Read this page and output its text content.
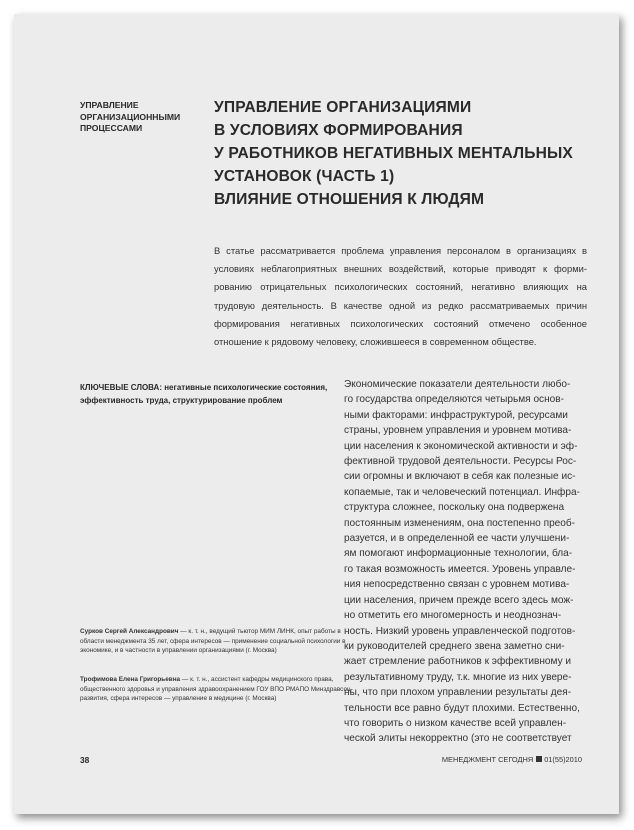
УПРАВЛЕНИЕ
ОРГАНИЗАЦИОННЫМИ
ПРОЦЕССАМИ
УПРАВЛЕНИЕ ОРГАНИЗАЦИЯМИ
В УСЛОВИЯХ ФОРМИРОВАНИЯ
У РАБОТНИКОВ НЕГАТИВНЫХ МЕНТАЛЬНЫХ
УСТАНОВОК (ЧАСТЬ 1)
ВЛИЯНИЕ ОТНОШЕНИЯ К ЛЮДЯМ
В статье рассматривается проблема управления персоналом в организациях в
условиях неблагоприятных внешних воздействий, которые приводят к форми-
рованию отрицательных психологических состояний, негативно влияющих на
трудовую деятельность. В качестве одной из редко рассматриваемых причин
формирования негативных психологических состояний отмечено особенное
отношение к рядовому человеку, сложившееся в современном обществе.
КЛЮЧЕВЫЕ СЛОВА: негативные психологические состояния,
эффективность труда, структурирование проблем
Экономические показатели деятельности любо-
го государства определяются четырьмя основ-
ными факторами: инфраструктурой, ресурсами
страны, уровнем управления и уровнем мотива-
ции населения к экономической активности и эф-
фективной трудовой деятельности. Ресурсы Рос-
сии огромны и включают в себя как полезные ис-
копаемые, так и человеческий потенциал. Инфра-
структура сложнее, поскольку она подвержена
постоянным изменениям, она постепенно преоб-
разуется, и в определенной ее части улучшени-
ям помогают информационные технологии, бла-
го такая возможность имеется. Уровень управле-
ния непосредственно связан с уровнем мотива-
ции населения, причем прежде всего здесь мож-
но отметить его многомерность и неоднознач-
ность. Низкий уровень управленческой подготов-
ки руководителей среднего звена заметно сни-
жает стремление работников к эффективному и
результативному труду, т.к. многие из них уверe-
ны, что при плохом управлении результаты дея-
тельности все равно будут плохими. Естественно,
что говорить о низком качестве всей управлен-
ческой элиты некорректно (это не соответствует
Сурков Сергей Александрович — к. т. н., ведущий тьютор МИМ ЛИНК, опыт работы в
области менеджмента 35 лет, сфера интересов — применение социальной психологии в
экономике, и в частности в управлении организациями (г. Москва)
Трофимова Елена Григорьевна — к. т. н., ассистент кафедры медицинского права,
общественного здоровья и управления здравоохранением ГОУ ВПО РМАПО Минздравсоц-
развития, сфера интересов — управление в медицине (г. Москва)
38	МЕНЕДЖМЕНТ СЕГОДНЯ 01(55)2010
